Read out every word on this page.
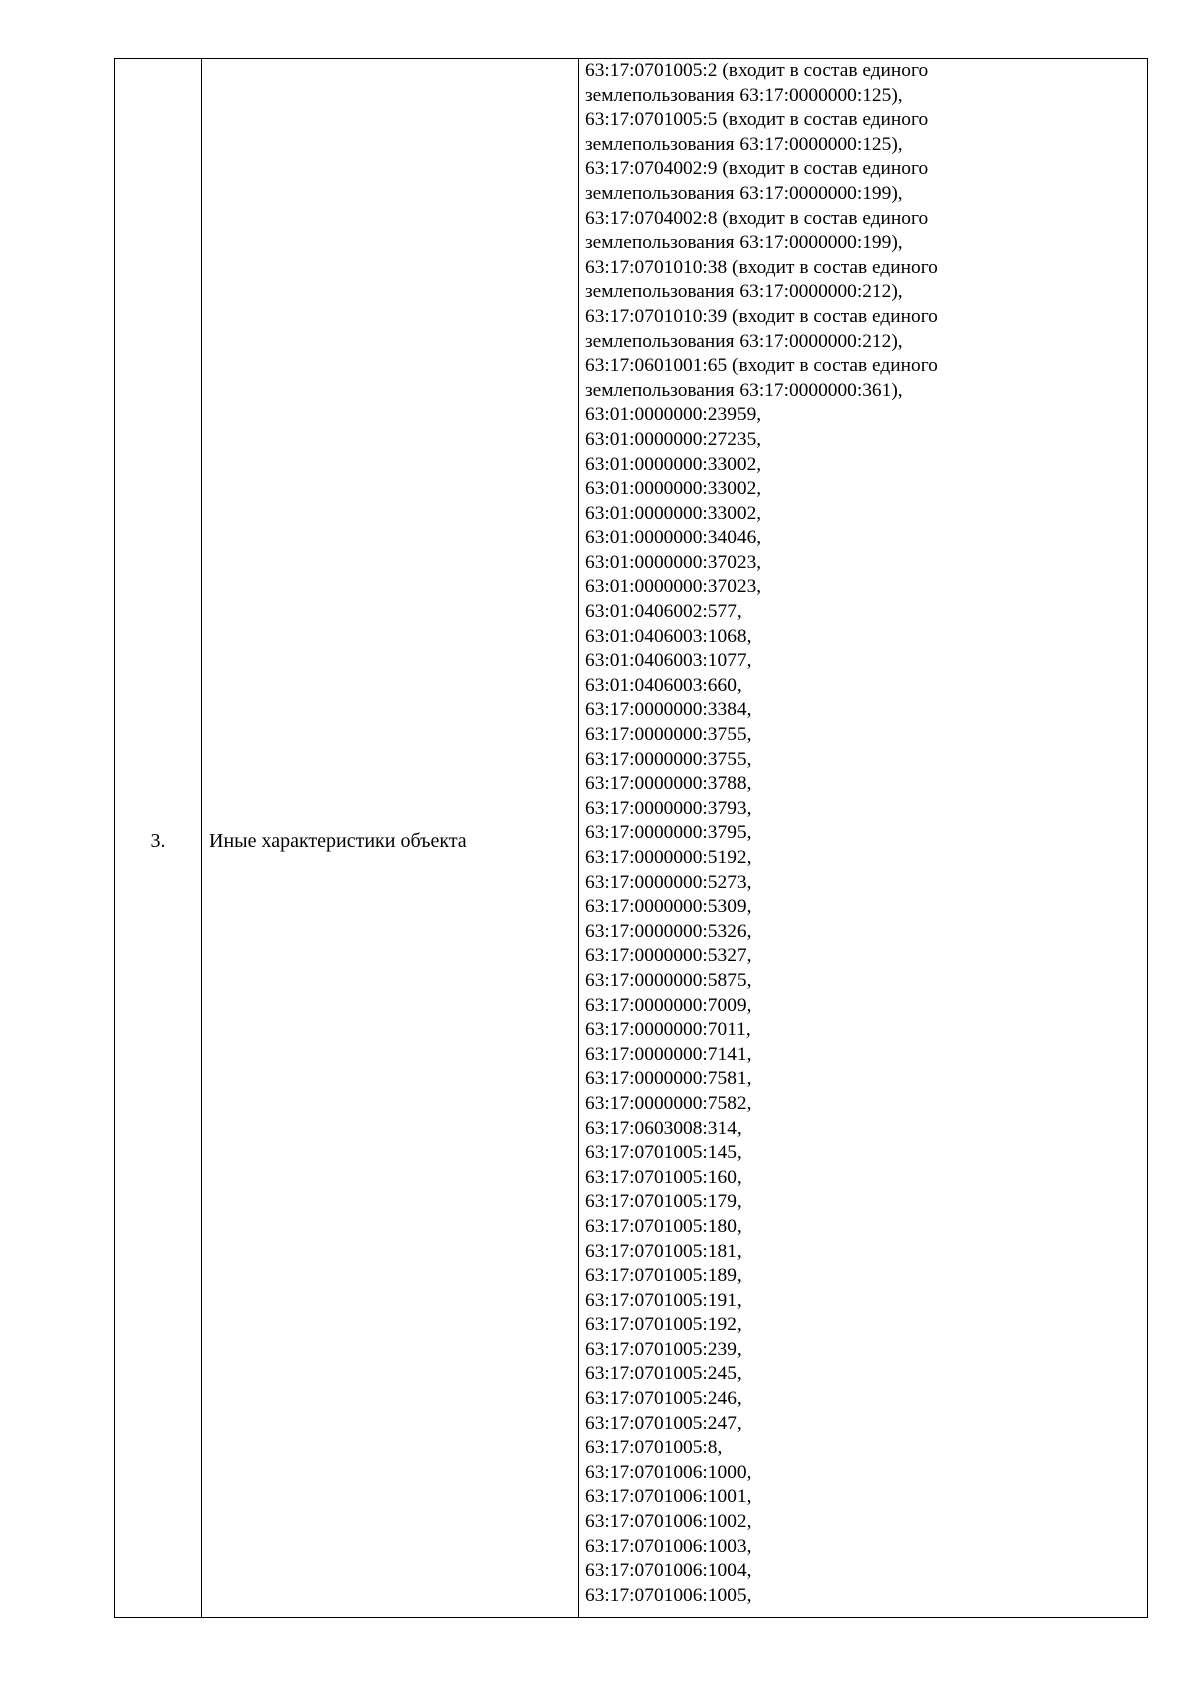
3. Иные характеристики объекта
63:17:0701005:2 (входит в состав единого
землепользования 63:17:0000000:125),
63:17:0701005:5 (входит в состав единого
землепользования 63:17:0000000:125),
63:17:0704002:9 (входит в состав единого
землепользования 63:17:0000000:199),
63:17:0704002:8 (входит в состав единого
землепользования 63:17:0000000:199),
63:17:0701010:38 (входит в состав единого
землепользования 63:17:0000000:212),
63:17:0701010:39 (входит в состав единого
землепользования 63:17:0000000:212),
63:17:0601001:65 (входит в состав единого
землепользования 63:17:0000000:361),
63:01:0000000:23959,
63:01:0000000:27235,
63:01:0000000:33002,
63:01:0000000:33002,
63:01:0000000:33002,
63:01:0000000:34046,
63:01:0000000:37023,
63:01:0000000:37023,
63:01:0406002:577,
63:01:0406003:1068,
63:01:0406003:1077,
63:01:0406003:660,
63:17:0000000:3384,
63:17:0000000:3755,
63:17:0000000:3755,
63:17:0000000:3788,
63:17:0000000:3793,
63:17:0000000:3795,
63:17:0000000:5192,
63:17:0000000:5273,
63:17:0000000:5309,
63:17:0000000:5326,
63:17:0000000:5327,
63:17:0000000:5875,
63:17:0000000:7009,
63:17:0000000:7011,
63:17:0000000:7141,
63:17:0000000:7581,
63:17:0000000:7582,
63:17:0603008:314,
63:17:0701005:145,
63:17:0701005:160,
63:17:0701005:179,
63:17:0701005:180,
63:17:0701005:181,
63:17:0701005:189,
63:17:0701005:191,
63:17:0701005:192,
63:17:0701005:239,
63:17:0701005:245,
63:17:0701005:246,
63:17:0701005:247,
63:17:0701005:8,
63:17:0701006:1000,
63:17:0701006:1001,
63:17:0701006:1002,
63:17:0701006:1003,
63:17:0701006:1004,
63:17:0701006:1005,
